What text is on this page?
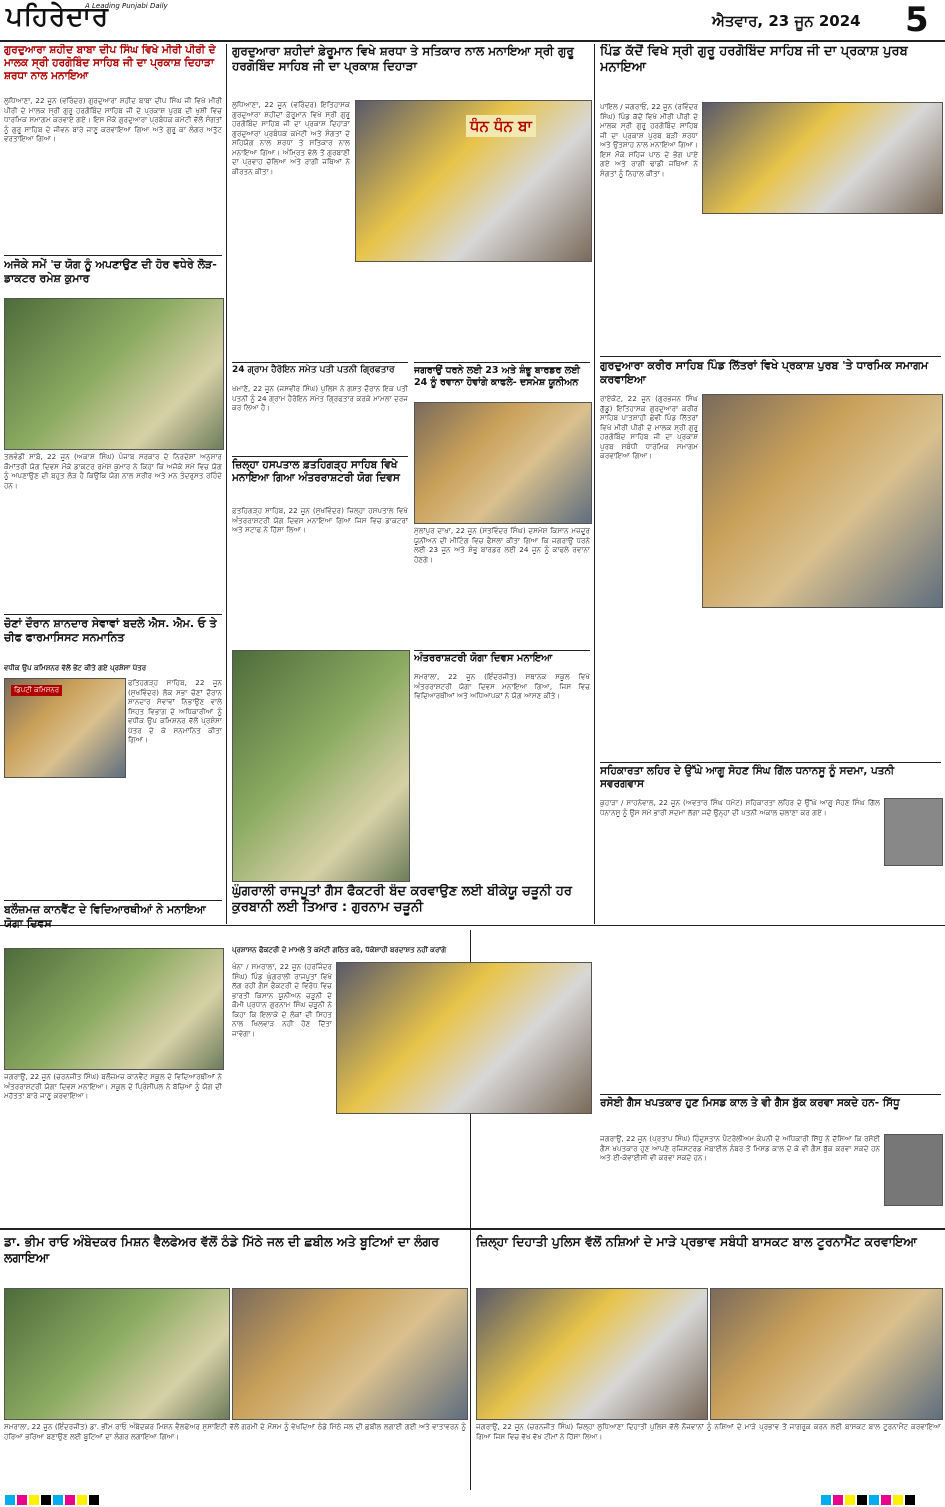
ਪਹਿਰੇਦਾਰ
A Leading Punjabi Daily
ਐਤਵਾਰ, 23 ਜੂਨ 2024 5
ਗੁਰਦੁਆਰਾ ਸ਼ਹੀਦ ਬਾਬਾ ਦੀਪ ਸਿੰਘ ਵਿਖੇ ਮੀਰੀ ਪੀਰੀ ਦੇ ਮਾਲਕ ਸ੍ਰੀ ਹਰਗੋਬਿੰਦ ਸਾਹਿਬ ਜੀ ਦਾ ਪ੍ਰਕਾਸ਼ ਦਿਹਾੜਾ ਸ਼ਰਧਾ ਨਾਲ ਮਨਾਇਆ
ਲੁਧਿਆਣਾ, 22 ਜੂਨ (ਵਰਿੰਦਰ) ਗੁਰਦੁਆਰਾ ਸ਼ਹੀਦ ਬਾਬਾ ਦੀਪ ਸਿੰਘ ਜੀ ਵਿਖੇ ਮੀਰੀ ਪੀਰੀ ਦੇ ਮਾਲਕ ਸ੍ਰੀ ਗੁਰੂ ਹਰਗੋਬਿੰਦ ਸਾਹਿਬ ਜੀ ਦੇ ਪ੍ਰਕਾਸ਼ ਪੁਰਬ ਦੀ ਖੁਸ਼ੀ ਵਿਚ ਧਾਰਮਿਕ ਸਮਾਗਮ ਕਰਵਾਏ ਗਏ। ਇਸ ਮੌਕੇ ਗੁਰਦੁਆਰਾ ਪ੍ਰਬੰਧਕ ਕਮੇਟੀ ਵੱਲੋਂ ਸੰਗਤਾਂ ਨੂੰ ਗੁਰੂ ਸਾਹਿਬ ਦੇ ਜੀਵਨ ਬਾਰੇ ਜਾਣੂ ਕਰਵਾਇਆ ਗਿਆ ਅਤੇ ਗੁਰੂ ਕਾ ਲੰਗਰ ਅਤੁੱਟ ਵਰਤਾਇਆ ਗਿਆ।
ਅਜੋਕੇ ਸਮੇਂ 'ਚ ਯੋਗ ਨੂੰ ਅਪਣਾਉਣ ਦੀ ਹੋਰ ਵਧੇਰੇ ਲੋੜ- ਡਾਕਟਰ ਰਮੇਸ਼ ਕੁਮਾਰ
ਤਲਵੰਡੀ ਸਾਬੋ, 22 ਜੂਨ (ਅਕਾਸ਼ ਸਿੰਘ) ਪੰਜਾਬ ਸਰਕਾਰ ਦੇ ਨਿਰਦੇਸ਼ਾਂ ਅਨੁਸਾਰ ਕੌਮਾਂਤਰੀ ਯੋਗ ਦਿਵਸ ਮੌਕੇ ਡਾਕਟਰ ਰਮੇਸ਼ ਕੁਮਾਰ ਨੇ ਕਿਹਾ ਕਿ ਅਜੋਕੇ ਸਮੇਂ ਵਿਚ ਯੋਗ ਨੂੰ ਅਪਣਾਉਣ ਦੀ ਬਹੁਤ ਲੋੜ ਹੈ ਕਿਉਂਕਿ ਯੋਗ ਨਾਲ ਸਰੀਰ ਅਤੇ ਮਨ ਤੰਦਰੁਸਤ ਰਹਿੰਦੇ ਹਨ।
ਚੋਣਾਂ ਦੌਰਾਨ ਸ਼ਾਨਦਾਰ ਸੇਵਾਵਾਂ ਬਦਲੇ ਐਸ. ਐਮ. ਓ ਤੇ ਚੀਫ ਫਾਰਮਾਸਿਸਟ ਸਨਮਾਨਿਤ
ਵਧੀਕ ਉਪ ਕਮਿਸ਼ਨਰ ਵੱਲੋਂ ਭੇਂਟ ਕੀਤੇ ਗਏ ਪ੍ਰਸ਼ੰਸਾ ਪੱਤਰ
ਡਿਪਟੀ ਕਮਿਸ਼ਨਰ
ਫਤਿਹਗੜ੍ਹ ਸਾਹਿਬ, 22 ਜੂਨ (ਸੁਖਵਿੰਦਰ) ਲੋਕ ਸਭਾ ਚੋਣਾਂ ਦੌਰਾਨ ਸ਼ਾਨਦਾਰ ਸੇਵਾਵਾਂ ਨਿਭਾਉਣ ਵਾਲੇ ਸਿਹਤ ਵਿਭਾਗ ਦੇ ਅਧਿਕਾਰੀਆਂ ਨੂੰ ਵਧੀਕ ਉਪ ਕਮਿਸ਼ਨਰ ਵੱਲੋਂ ਪ੍ਰਸ਼ੰਸਾ ਪੱਤਰ ਦੇ ਕੇ ਸਨਮਾਨਿਤ ਕੀਤਾ ਗਿਆ।
ਬਲੌਜ਼ਮਜ਼ ਕਾਨਵੈਂਟ ਦੇ ਵਿਦਿਆਰਥੀਆਂ ਨੇ ਮਨਾਇਆ ਯੋਗਾ ਦਿਵਸ
ਗੁਰਦੁਆਰਾ ਸ਼ਹੀਦਾਂ ਫ਼ੇਰੂਮਾਨ ਵਿਖੇ ਸ਼ਰਧਾ ਤੇ ਸਤਿਕਾਰ ਨਾਲ ਮਨਾਇਆ ਸ੍ਰੀ ਗੁਰੂ ਹਰਗੋਬਿੰਦ ਸਾਹਿਬ ਜੀ ਦਾ ਪ੍ਰਕਾਸ਼ ਦਿਹਾੜਾ
ਲੁਧਿਆਣਾ, 22 ਜੂਨ (ਵਰਿੰਦਰ) ਇਤਿਹਾਸਕ ਗੁਰਦੁਆਰਾ ਸ਼ਹੀਦਾਂ ਫ਼ੇਰੂਮਾਨ ਵਿਖੇ ਸ੍ਰੀ ਗੁਰੂ ਹਰਗੋਬਿੰਦ ਸਾਹਿਬ ਜੀ ਦਾ ਪ੍ਰਕਾਸ਼ ਦਿਹਾੜਾ ਗੁਰਦੁਆਰਾ ਪ੍ਰਬੰਧਕ ਕਮੇਟੀ ਅਤੇ ਸੰਗਤਾਂ ਦੇ ਸਹਿਯੋਗ ਨਾਲ ਸ਼ਰਧਾ ਤੇ ਸਤਿਕਾਰ ਨਾਲ ਮਨਾਇਆ ਗਿਆ। ਅੰਮ੍ਰਿਤ ਵੇਲੇ ਤੋਂ ਗੁਰਬਾਣੀ ਦਾ ਪ੍ਰਵਾਹ ਚੱਲਿਆ ਅਤੇ ਰਾਗੀ ਜਥਿਆਂ ਨੇ ਕੀਰਤਨ ਕੀਤਾ।
ਧੰਨ ਧੰਨ ਬਾ
24 ਗ੍ਰਾਮ ਹੈਰੋਇਨ ਸਮੇਤ ਪਤੀ ਪਤਨੀ ਗ੍ਰਿਫਤਾਰ
ਖਮਾਣੋਂ, 22 ਜੂਨ (ਜਸਵੀਰ ਸਿੰਘ) ਪੁਲਿਸ ਨੇ ਗਸ਼ਤ ਦੌਰਾਨ ਇਕ ਪਤੀ ਪਤਨੀ ਨੂੰ 24 ਗ੍ਰਾਮ ਹੈਰੋਇਨ ਸਮੇਤ ਗ੍ਰਿਫਤਾਰ ਕਰਕੇ ਮਾਮਲਾ ਦਰਜ ਕਰ ਲਿਆ ਹੈ।
ਜ਼ਿਲ੍ਹਾ ਹਸਪਤਾਲ ਫ਼ਤਹਿਗੜ੍ਹ ਸਾਹਿਬ ਵਿਖੇ ਮਨਾਇਆ ਗਿਆ ਅੰਤਰਰਾਸ਼ਟਰੀ ਯੋਗ ਦਿਵਸ
ਫ਼ਤਹਿਗੜ੍ਹ ਸਾਹਿਬ, 22 ਜੂਨ (ਸੁਖਵਿੰਦਰ) ਜ਼ਿਲ੍ਹਾ ਹਸਪਤਾਲ ਵਿਖੇ ਅੰਤਰਰਾਸ਼ਟਰੀ ਯੋਗ ਦਿਵਸ ਮਨਾਇਆ ਗਿਆ ਜਿਸ ਵਿਚ ਡਾਕਟਰਾਂ ਅਤੇ ਸਟਾਫ ਨੇ ਹਿੱਸਾ ਲਿਆ।
ਜਗਰਾਉਂ ਧਰਨੇ ਲਈ 23 ਅਤੇ ਸ਼ੰਭੂ ਬਾਰਡਰ ਲਈ 24 ਨੂੰ ਰਵਾਨਾ ਹੋਵਾਂਗੇ ਕਾਫਲੇ- ਦਸਮੇਸ਼ ਯੂਨੀਅਨ
ਮੁੱਲਾਂਪੁਰ ਦਾਖਾ, 22 ਜੂਨ (ਸਤਵਿੰਦਰ ਸਿੰਘ) ਦਸਮੇਸ਼ ਕਿਸਾਨ ਮਜ਼ਦੂਰ ਯੂਨੀਅਨ ਦੀ ਮੀਟਿੰਗ ਵਿਚ ਫੈਸਲਾ ਕੀਤਾ ਗਿਆ ਕਿ ਜਗਰਾਉਂ ਧਰਨੇ ਲਈ 23 ਜੂਨ ਅਤੇ ਸ਼ੰਭੂ ਬਾਰਡਰ ਲਈ 24 ਜੂਨ ਨੂੰ ਕਾਫਲੇ ਰਵਾਨਾ ਹੋਣਗੇ।
ਅੰਤਰਰਾਸ਼ਟਰੀ ਯੋਗਾ ਦਿਵਸ ਮਨਾਇਆ
ਸਮਰਾਲਾ, 22 ਜੂਨ (ਇੰਦਰਜੀਤ) ਸਥਾਨਕ ਸਕੂਲ ਵਿਖੇ ਅੰਤਰਰਾਸ਼ਟਰੀ ਯੋਗਾ ਦਿਵਸ ਮਨਾਇਆ ਗਿਆ, ਜਿਸ ਵਿਚ ਵਿਦਿਆਰਥੀਆਂ ਅਤੇ ਅਧਿਆਪਕਾਂ ਨੇ ਯੋਗ ਆਸਣ ਕੀਤੇ।
ਪਿੰਡ ਕੱਦੋਂ ਵਿਖੇ ਸ੍ਰੀ ਗੁਰੂ ਹਰਗੋਬਿੰਦ ਸਾਹਿਬ ਜੀ ਦਾ ਪ੍ਰਕਾਸ਼ ਪੁਰਬ ਮਨਾਇਆ
ਪਾਇਲ / ਜਗਰਾਓਂ, 22 ਜੂਨ (ਰਵਿੰਦਰ ਸਿੰਘ) ਪਿੰਡ ਕੱਦੋਂ ਵਿਖੇ ਮੀਰੀ ਪੀਰੀ ਦੇ ਮਾਲਕ ਸ੍ਰੀ ਗੁਰੂ ਹਰਗੋਬਿੰਦ ਸਾਹਿਬ ਜੀ ਦਾ ਪ੍ਰਕਾਸ਼ ਪੁਰਬ ਬੜੀ ਸ਼ਰਧਾ ਅਤੇ ਉਤਸ਼ਾਹ ਨਾਲ ਮਨਾਇਆ ਗਿਆ। ਇਸ ਮੌਕੇ ਸਹਿਜ ਪਾਠ ਦੇ ਭੋਗ ਪਾਏ ਗਏ ਅਤੇ ਰਾਗੀ ਢਾਡੀ ਜਥਿਆਂ ਨੇ ਸੰਗਤਾਂ ਨੂੰ ਨਿਹਾਲ ਕੀਤਾ।
ਗੁਰਦੁਆਰਾ ਕਰੀਰ ਸਾਹਿਬ ਪਿੰਡ ਲਿੱਤਰਾਂ ਵਿਖੇ ਪ੍ਰਕਾਸ਼ ਪੁਰਬ 'ਤੇ ਧਾਰਮਿਕ ਸਮਾਗਮ ਕਰਵਾਇਆ
ਰਾਏਕੋਟ, 22 ਜੂਨ (ਗੁਰਭਜਨ ਸਿੰਘ ਗੁੱਡੂ) ਇਤਿਹਾਸਕ ਗੁਰਦੁਆਰਾ ਕਰੀਰ ਸਾਹਿਬ ਪਾਤਸ਼ਾਹੀ ਛੇਵੀਂ ਪਿੰਡ ਲਿੱਤਰਾਂ ਵਿਖੇ ਮੀਰੀ ਪੀਰੀ ਦੇ ਮਾਲਕ ਸ੍ਰੀ ਗੁਰੂ ਹਰਗੋਬਿੰਦ ਸਾਹਿਬ ਜੀ ਦਾ ਪ੍ਰਕਾਸ਼ ਪੁਰਬ ਸਬੰਧੀ ਧਾਰਮਿਕ ਸਮਾਗਮ ਕਰਵਾਇਆ ਗਿਆ।
ਸਹਿਕਾਰਤਾ ਲਹਿਰ ਦੇ ਉੱਘੇ ਆਗੂ ਸੋਹਣ ਸਿੰਘ ਗਿੱਲ ਧਨਾਨਸੂ ਨੂੰ ਸਦਮਾ, ਪਤਨੀ ਸਵਰਗਵਾਸ
ਕੁਹਾੜਾ / ਸਾਹਨੇਵਾਲ, 22 ਜੂਨ (ਅਵਤਾਰ ਸਿੰਘ ਧਮੋਟ) ਸਹਿਕਾਰਤਾ ਲਹਿਰ ਦੇ ਉੱਘੇ ਆਗੂ ਸੋਹਣ ਸਿੰਘ ਗਿੱਲ ਧਨਾਨਸੂ ਨੂੰ ਉਸ ਸਮੇਂ ਭਾਰੀ ਸਦਮਾ ਲੱਗਾ ਜਦੋਂ ਉਨ੍ਹਾਂ ਦੀ ਪਤਨੀ ਅਕਾਲ ਚਲਾਣਾ ਕਰ ਗਏ।
ਘੁੰਗਰਾਲੀ ਰਾਜਪੂਤਾਂ ਗੈਸ ਫੈਕਟਰੀ ਬੰਦ ਕਰਵਾਉਣ ਲਈ ਬੀਕੇਯੂ ਚੜੂਨੀ ਹਰ ਕੁਰਬਾਨੀ ਲਈ ਤਿਆਰ : ਗੁਰਨਾਮ ਚੜੂਨੀ
ਪ੍ਰਸ਼ਾਸਨ ਫੈਕਟਰੀ ਦੇ ਮਾਮਲੇ ਤੇ ਕਮੇਟੀ ਗਠਿਤ ਕਰੇ, ਧੱਕੇਸ਼ਾਹੀ ਬਰਦਾਸ਼ਤ ਨਹੀਂ ਕਰਾਂਗੇ
ਖੰਨਾ / ਸਮਰਾਲਾ, 22 ਜੂਨ (ਹਰਜਿੰਦਰ ਸਿੰਘ) ਪਿੰਡ ਘੁੰਗਰਾਲੀ ਰਾਜਪੂਤਾਂ ਵਿਖੇ ਲੱਗ ਰਹੀ ਗੈਸ ਫੈਕਟਰੀ ਦੇ ਵਿਰੋਧ ਵਿਚ ਭਾਰਤੀ ਕਿਸਾਨ ਯੂਨੀਅਨ ਚੜੂਨੀ ਦੇ ਕੌਮੀ ਪ੍ਰਧਾਨ ਗੁਰਨਾਮ ਸਿੰਘ ਚੜੂਨੀ ਨੇ ਕਿਹਾ ਕਿ ਇਲਾਕੇ ਦੇ ਲੋਕਾਂ ਦੀ ਸਿਹਤ ਨਾਲ ਖਿਲਵਾੜ ਨਹੀਂ ਹੋਣ ਦਿੱਤਾ ਜਾਵੇਗਾ।
ਰਸੋਈ ਗੈਸ ਖਪਤਕਾਰ ਹੁਣ ਮਿਸਡ ਕਾਲ ਤੇ ਵੀ ਗੈਸ ਬੁੱਕ ਕਰਵਾ ਸਕਦੇ ਹਨ- ਸਿੱਧੂ
ਜਗਰਾਉਂ, 22 ਜੂਨ (ਪ੍ਰਤਾਪ ਸਿੰਘ) ਹਿੰਦੁਸਤਾਨ ਪੈਟਰੋਲੀਅਮ ਕੰਪਨੀ ਦੇ ਅਧਿਕਾਰੀ ਸਿੱਧੂ ਨੇ ਦੱਸਿਆ ਕਿ ਰਸੋਈ ਗੈਸ ਖਪਤਕਾਰ ਹੁਣ ਆਪਣੇ ਰਜਿਸਟਰਡ ਮੋਬਾਈਲ ਨੰਬਰ ਤੋਂ ਮਿਸਡ ਕਾਲ ਦੇ ਕੇ ਵੀ ਗੈਸ ਬੁੱਕ ਕਰਵਾ ਸਕਦੇ ਹਨ ਅਤੇ ਈ-ਕੇਵਾਈਸੀ ਵੀ ਕਰਵਾ ਸਕਦੇ ਹਨ।
ਜਗਰਾਉਂ, 22 ਜੂਨ (ਚਰਨਜੀਤ ਸਿੰਘ) ਬਲੌਜ਼ਮਜ਼ ਕਾਨਵੈਂਟ ਸਕੂਲ ਦੇ ਵਿਦਿਆਰਥੀਆਂ ਨੇ ਅੰਤਰਰਾਸ਼ਟਰੀ ਯੋਗਾ ਦਿਵਸ ਮਨਾਇਆ। ਸਕੂਲ ਦੇ ਪ੍ਰਿੰਸੀਪਲ ਨੇ ਬੱਚਿਆਂ ਨੂੰ ਯੋਗ ਦੀ ਮਹੱਤਤਾ ਬਾਰੇ ਜਾਣੂ ਕਰਵਾਇਆ।
ਡਾ. ਭੀਮ ਰਾਓ ਅੰਬੇਦਕਰ ਮਿਸ਼ਨ ਵੈਲਫੇਅਰ ਵੱਲੋਂ ਠੰਡੇ ਮਿੱਠੇ ਜਲ ਦੀ ਛਬੀਲ ਅਤੇ ਬੂਟਿਆਂ ਦਾ ਲੰਗਰ ਲਗਾਇਆ
ਸਮਰਾਲਾ, 22 ਜੂਨ (ਇੰਦਰਜੀਤ) ਡਾ. ਭੀਮ ਰਾਓ ਅੰਬੇਦਕਰ ਮਿਸ਼ਨ ਵੈਲਫੇਅਰ ਸੁਸਾਇਟੀ ਵੱਲੋਂ ਗਰਮੀ ਦੇ ਮੌਸਮ ਨੂੰ ਵੇਖਦਿਆਂ ਠੰਡੇ ਮਿੱਠੇ ਜਲ ਦੀ ਛਬੀਲ ਲਗਾਈ ਗਈ ਅਤੇ ਵਾਤਾਵਰਨ ਨੂੰ ਹਰਿਆ ਭਰਿਆ ਬਣਾਉਣ ਲਈ ਬੂਟਿਆਂ ਦਾ ਲੰਗਰ ਲਗਾਇਆ ਗਿਆ।
ਜ਼ਿਲ੍ਹਾ ਦਿਹਾਤੀ ਪੁਲਿਸ ਵੱਲੋਂ ਨਸ਼ਿਆਂ ਦੇ ਮਾੜੇ ਪ੍ਰਭਾਵ ਸਬੰਧੀ ਬਾਸਕਟ ਬਾਲ ਟੂਰਨਾਮੈਂਟ ਕਰਵਾਇਆ
ਜਗਰਾਉਂ, 22 ਜੂਨ (ਚਰਨਜੀਤ ਸਿੰਘ) ਜ਼ਿਲ੍ਹਾ ਲੁਧਿਆਣਾ ਦਿਹਾਤੀ ਪੁਲਿਸ ਵੱਲੋਂ ਨੌਜਵਾਨਾਂ ਨੂੰ ਨਸ਼ਿਆਂ ਦੇ ਮਾੜੇ ਪ੍ਰਭਾਵ ਤੋਂ ਜਾਗਰੂਕ ਕਰਨ ਲਈ ਬਾਸਕਟ ਬਾਲ ਟੂਰਨਾਮੈਂਟ ਕਰਵਾਇਆ ਗਿਆ ਜਿਸ ਵਿਚ ਵੱਖ ਵੱਖ ਟੀਮਾਂ ਨੇ ਹਿੱਸਾ ਲਿਆ।
